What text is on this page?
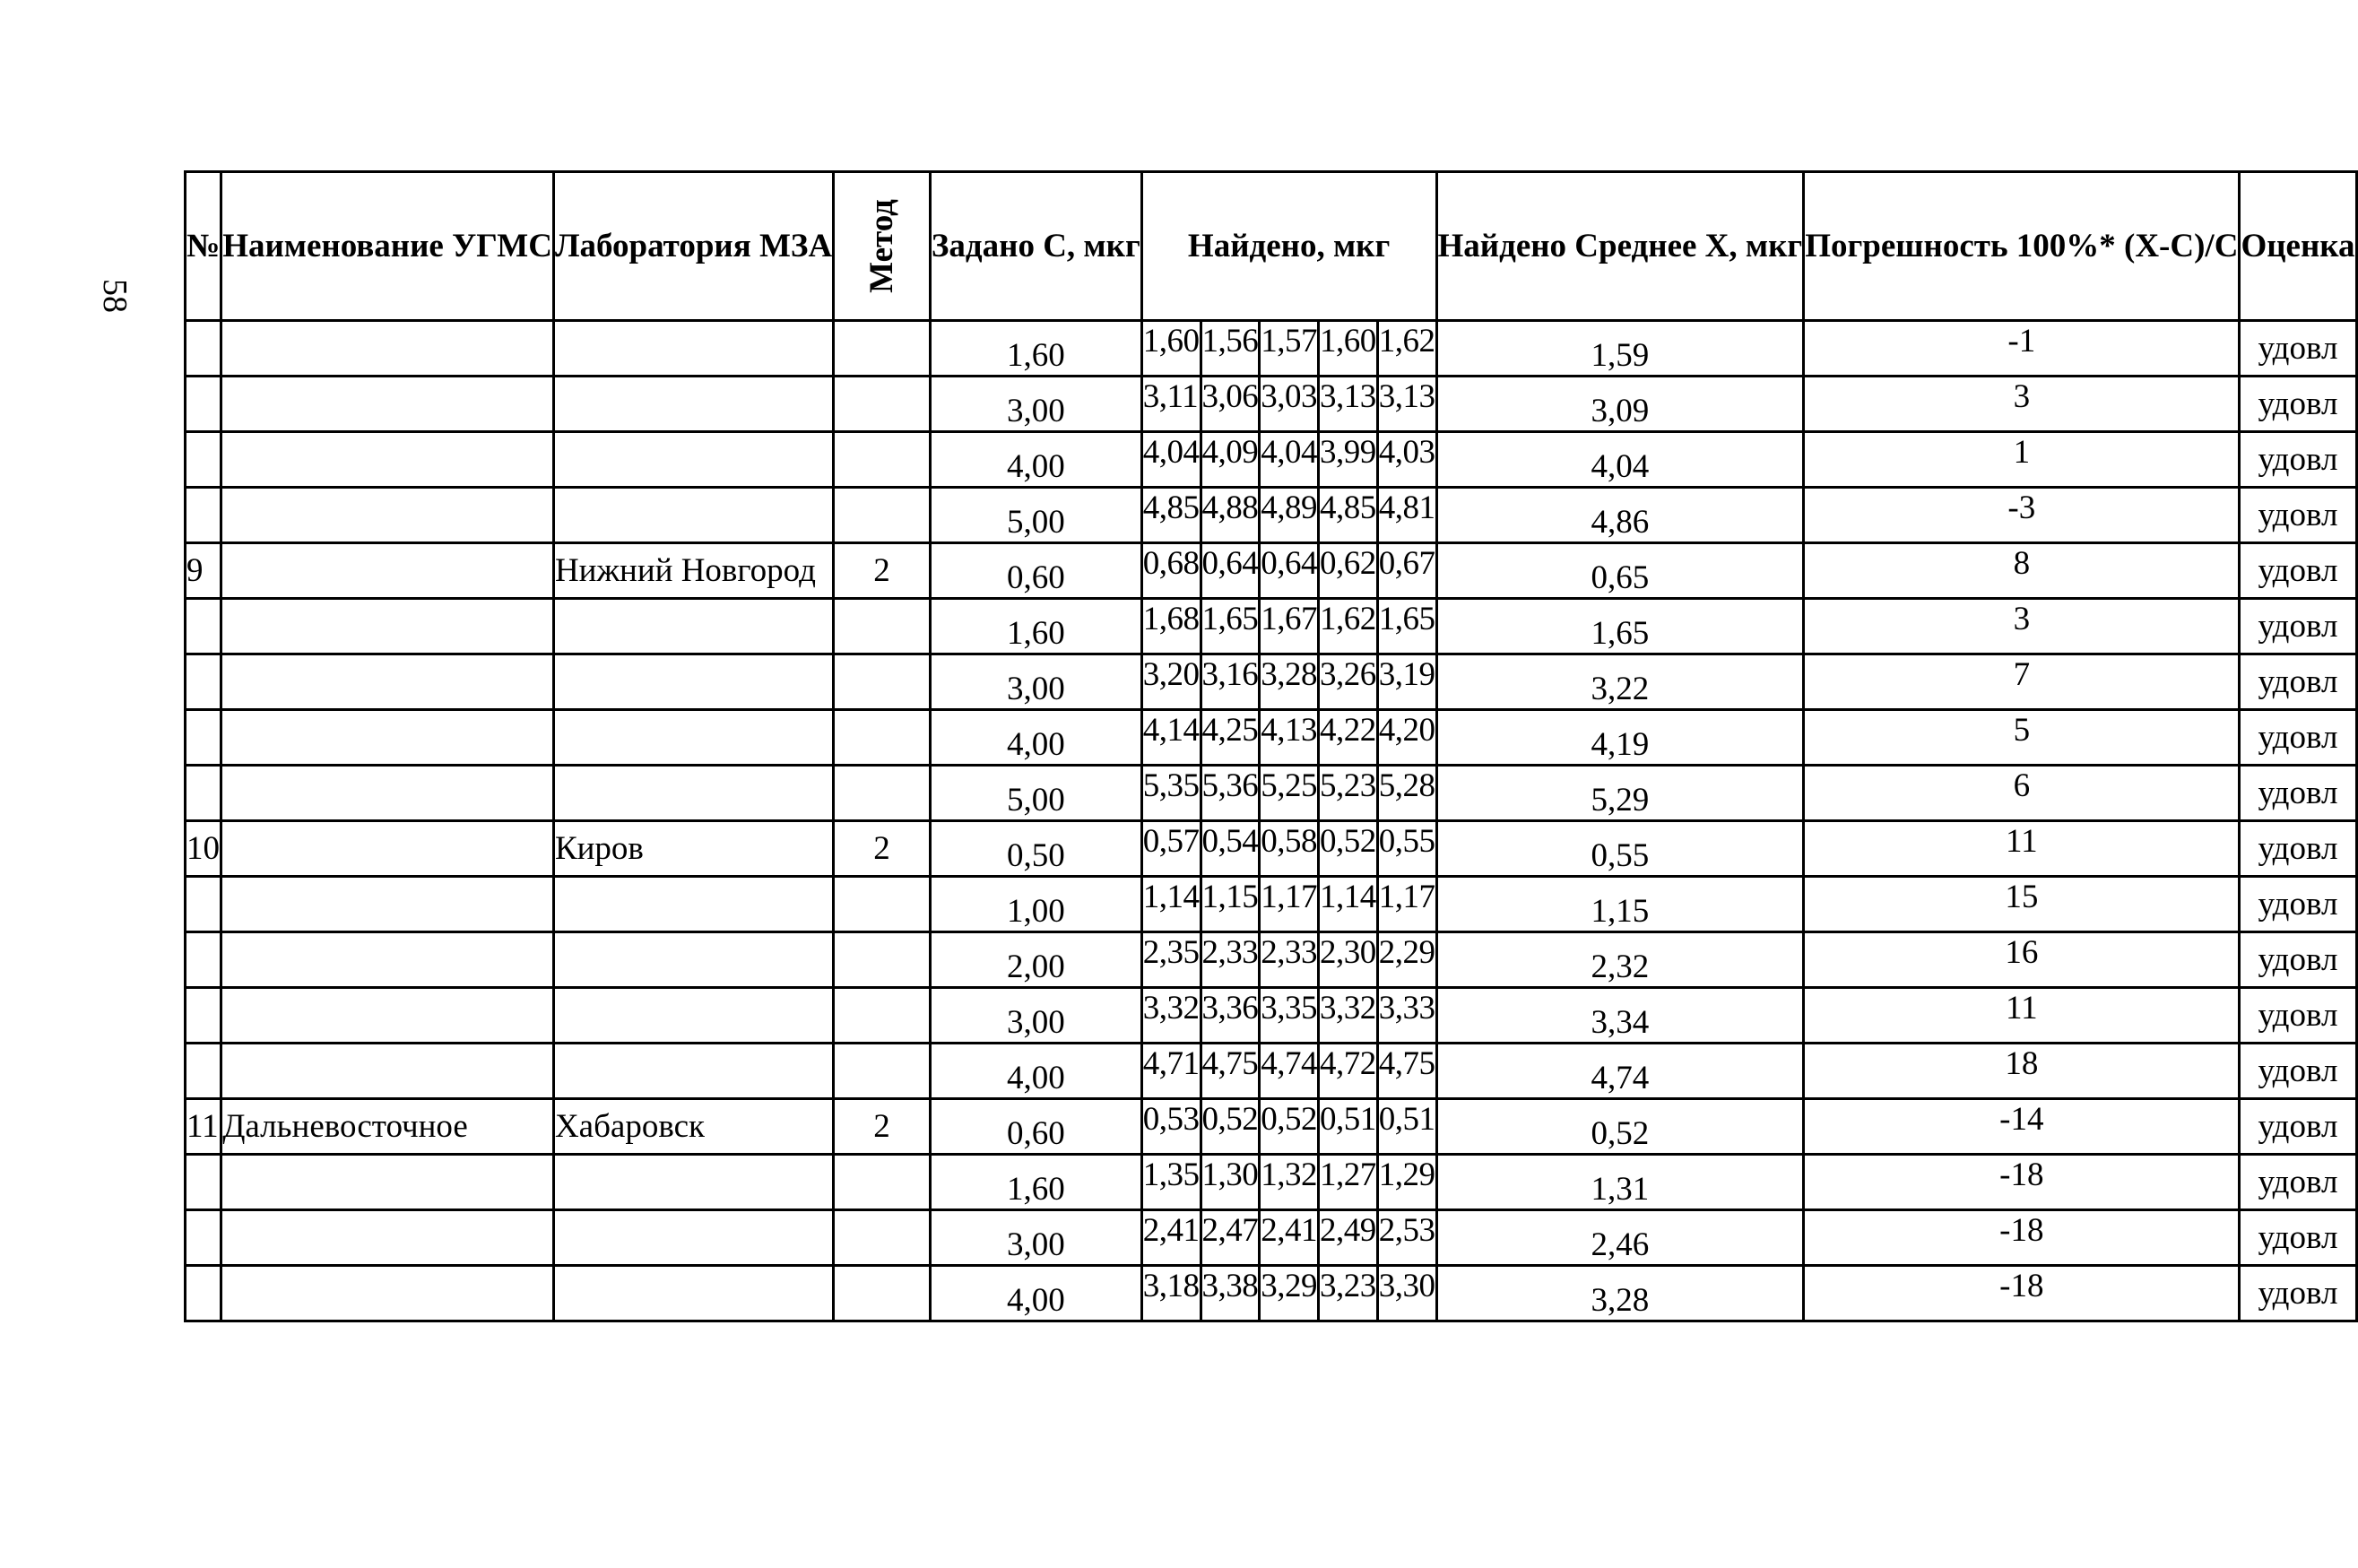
58
№	Наименование УГМС	Лаборатория МЗА	Метод	Задано С, мкг	Найдено, мкг					Найдено Среднее Х, мкг	Погрешность 100%* (Х-С)/С	Оценка
				1,60	1,60	1,56	1,57	1,60	1,62	1,59	-1	удовл
				3,00	3,11	3,06	3,03	3,13	3,13	3,09	3	удовл
				4,00	4,04	4,09	4,04	3,99	4,03	4,04	1	удовл
				5,00	4,85	4,88	4,89	4,85	4,81	4,86	-3	удовл
9		Нижний Новгород	2	0,60	0,68	0,64	0,64	0,62	0,67	0,65	8	удовл
				1,60	1,68	1,65	1,67	1,62	1,65	1,65	3	удовл
				3,00	3,20	3,16	3,28	3,26	3,19	3,22	7	удовл
				4,00	4,14	4,25	4,13	4,22	4,20	4,19	5	удовл
				5,00	5,35	5,36	5,25	5,23	5,28	5,29	6	удовл
10		Киров	2	0,50	0,57	0,54	0,58	0,52	0,55	0,55	11	удовл
				1,00	1,14	1,15	1,17	1,14	1,17	1,15	15	удовл
				2,00	2,35	2,33	2,33	2,30	2,29	2,32	16	удовл
				3,00	3,32	3,36	3,35	3,32	3,33	3,34	11	удовл
				4,00	4,71	4,75	4,74	4,72	4,75	4,74	18	удовл
11	Дальневосточное	Хабаровск	2	0,60	0,53	0,52	0,52	0,51	0,51	0,52	-14	удовл
				1,60	1,35	1,30	1,32	1,27	1,29	1,31	-18	удовл
				3,00	2,41	2,47	2,41	2,49	2,53	2,46	-18	удовл
				4,00	3,18	3,38	3,29	3,23	3,30	3,28	-18	удовл
